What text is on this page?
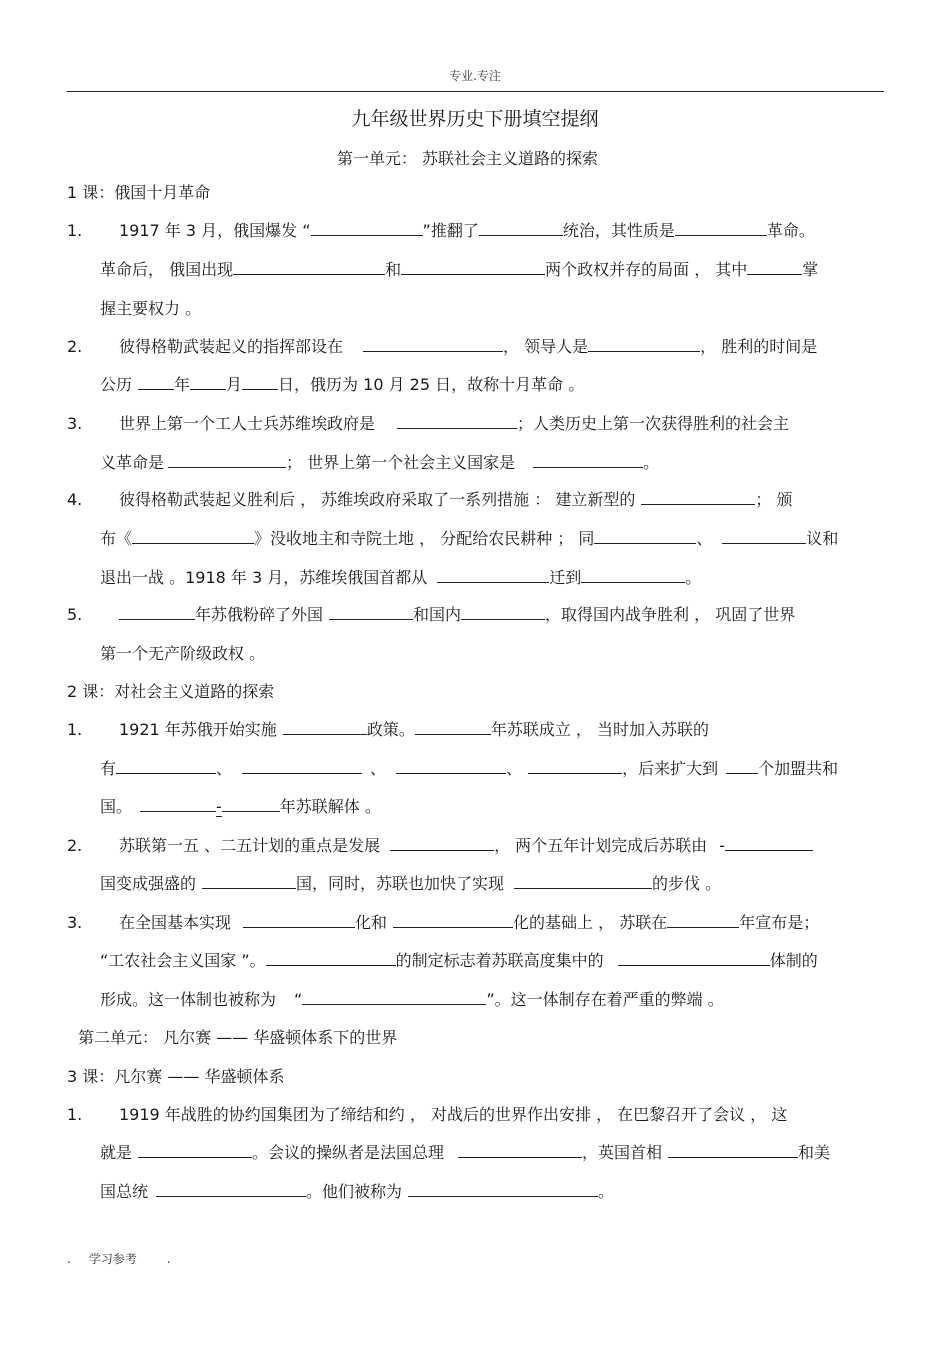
专业.专注
九年级世界历史下册填空提纲
第一单元： 苏联社会主义道路的探索
1 课：俄国十月革命
1. 1917 年 3 月，俄国爆发 “	”推翻了	统治，其性质是	革命。
革命后， 俄国出现	和	两个政权并存的局面 ， 其中	掌
握主要权力 。
2. 彼得格勒武装起义的指挥部设在	， 领导人是	， 胜利的时间是
公历	年 月 日，俄历为 10 月 25 日，故称十月革命 。
3. 世界上第一个工人士兵苏维埃政府是	；人类历史上第一次获得胜利的社会主
义革命是	； 世界上第一个社会主义国家是	。
4. 彼得格勒武装起义胜利后 ， 苏维埃政府采取了一系列措施 ： 建立新型的	； 颁
布《	》没收地主和寺院土地 ， 分配给农民耕种 ； 同	、	议和
退出一战 。1918 年 3 月，苏维埃俄国首都从	迁到	。
5.	年苏俄粉碎了外国	和国内	，取得国内战争胜利 ， 巩固了世界
第一个无产阶级政权 。
2 课：对社会主义道路的探索
1. 1921 年苏俄开始实施	政策。	年苏联成立 ， 当时加入苏联的
有	、	、	、	，后来扩大到	个加盟共和
国。	-	年苏联解体 。
2. 苏联第一五 、二五计划的重点是发展	， 两个五年计划完成后苏联由 -
国变成强盛的	国，同时，苏联也加快了实现	的步伐 。
3. 在全国基本实现	化和	化的基础上 ， 苏联在	年宣布是；
“工农社会主义国家 ”。	的制定标志着苏联高度集中的	体制的
形成。这一体制也被称为 “	”。这一体制存在着严重的弊端 。
第二单元： 凡尔赛 —— 华盛顿体系下的世界
3 课：凡尔赛 —— 华盛顿体系
1. 1919 年战胜的协约国集团为了缔结和约 ， 对战后的世界作出安排 ， 在巴黎召开了会议 ， 这
就是	。会议的操纵者是法国总理	，英国首相	和美
国总统	。他们被称为	。
. 学习参考	.
